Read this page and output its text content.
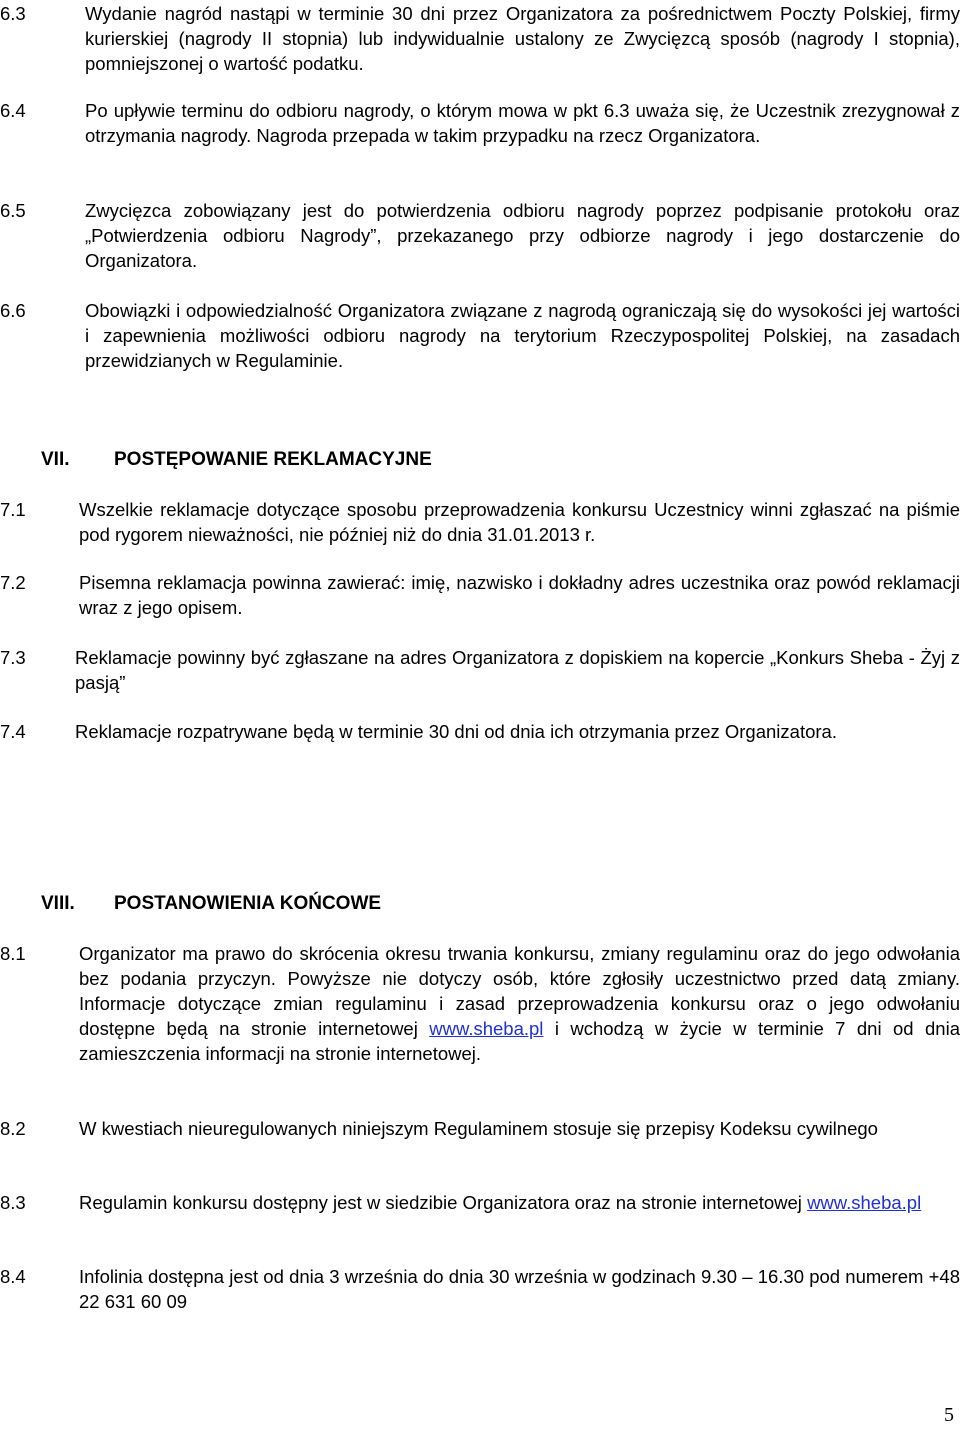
6.3	Wydanie nagród nastąpi w terminie 30 dni przez Organizatora za pośrednictwem Poczty Polskiej, firmy kurierskiej (nagrody II stopnia) lub indywidualnie ustalony ze Zwycięzcą sposób (nagrody I stopnia), pomniejszonej o wartość podatku.
6.4	Po upływie terminu do odbioru nagrody, o którym mowa w pkt 6.3 uważa się, że Uczestnik zrezygnował z otrzymania nagrody. Nagroda przepada w takim przypadku na rzecz Organizatora.
6.5	Zwycięzca zobowiązany jest do potwierdzenia odbioru nagrody poprzez podpisanie protokołu oraz „Potwierdzenia odbioru Nagrody”, przekazanego przy odbiorze nagrody i jego dostarczenie do Organizatora.
6.6	Obowiązki i odpowiedzialność Organizatora związane z nagrodą ograniczają się do wysokości jej wartości i zapewnienia możliwości odbioru nagrody na terytorium Rzeczypospolitej Polskiej, na zasadach przewidzianych w Regulaminie.
VII. POSTĘPOWANIE REKLAMACYJNE
7.1	Wszelkie reklamacje dotyczące sposobu przeprowadzenia konkursu Uczestnicy winni zgłaszać na piśmie pod rygorem nieważności, nie później niż do dnia 31.01.2013 r.
7.2	Pisemna reklamacja powinna zawierać: imię, nazwisko i dokładny adres uczestnika oraz powód reklamacji wraz z jego opisem.
7.3	Reklamacje powinny być zgłaszane na adres Organizatora z dopiskiem na kopercie „Konkurs Sheba - Żyj z pasją”
7.4	Reklamacje rozpatrywane będą w terminie 30 dni od dnia ich otrzymania przez Organizatora.
VIII. POSTANOWIENIA KOŃCOWE
8.1	Organizator ma prawo do skrócenia okresu trwania konkursu, zmiany regulaminu oraz do jego odwołania bez podania przyczyn. Powyższe nie dotyczy osób, które zgłosiły uczestnictwo przed datą zmiany. Informacje dotyczące zmian regulaminu i zasad przeprowadzenia konkursu oraz o jego odwołaniu dostępne będą na stronie internetowej www.sheba.pl i wchodzą w życie w terminie 7 dni od dnia zamieszczenia informacji na stronie internetowej.
8.2	W kwestiach nieuregulowanych niniejszym Regulaminem stosuje się przepisy Kodeksu cywilnego
8.3	Regulamin konkursu dostępny jest w siedzibie Organizatora oraz na stronie internetowej www.sheba.pl
8.4	Infolinia dostępna jest od dnia 3 września do dnia 30 września w godzinach 9.30 – 16.30 pod numerem +48 22 631 60 09
5
